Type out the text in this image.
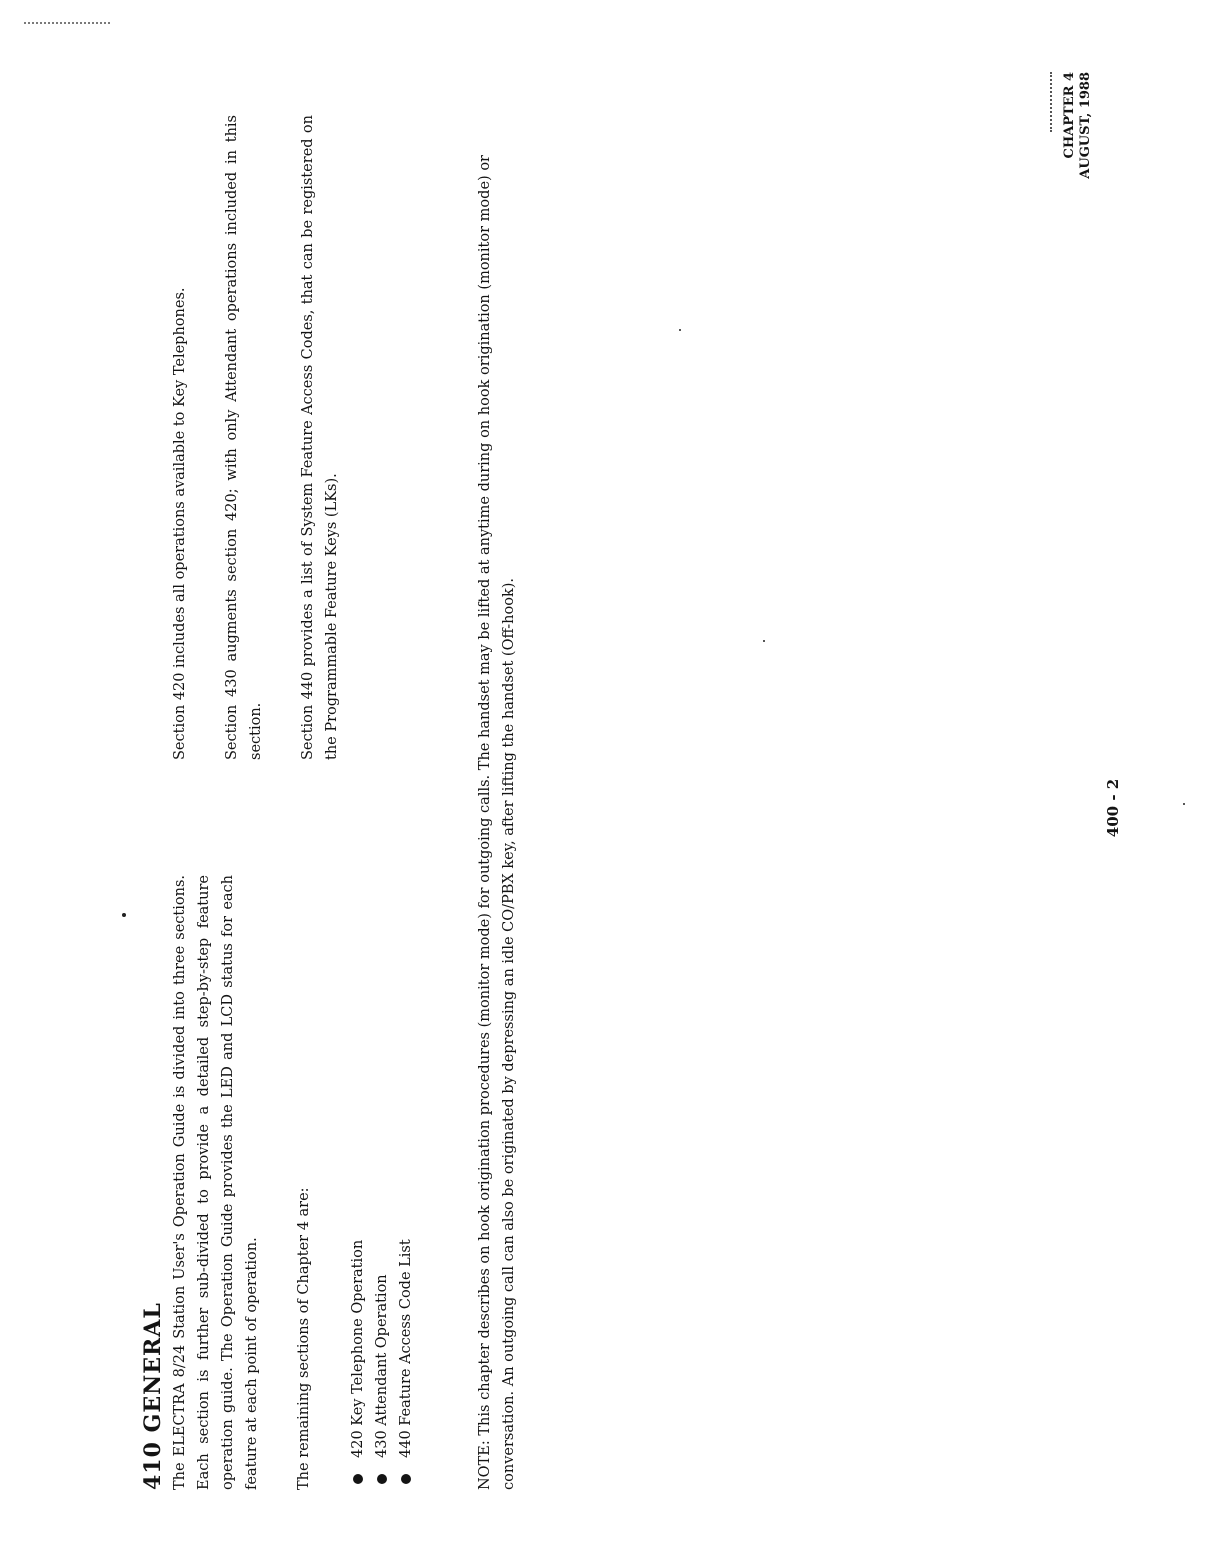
CHAPTER 4 AUGUST, 1988
410 GENERAL The ELECTRA 8/24 Station User's Operation Guide is divided into three sections. Each section is further sub-divided to provide a detailed step-by-step feature operation guide. The Operation Guide provides the LED and LCD status for each feature at each point of operation. The remaining sections of Chapter 4 are:	420 Key Telephone Operation 430 Attendant Operation 440 Feature Access Code List

Section 420 includes all operations available to Key Telephones. Section 430 augments section 420; with only Attendant operations included in this section. Section 440 provides a list of System Feature Access Codes, that can be registered on the Programmable Feature Keys (LKs).	NOTE: This chapter describes on hook origination procedures (monitor mode) for outgoing calls. The handset may be lifted at anytime during on hook origination (monitor mode) or conversation. An outgoing call can also be originated by depressing an idle CO/PBX key, after lifting the handset (Off-hook).	400 - 2
